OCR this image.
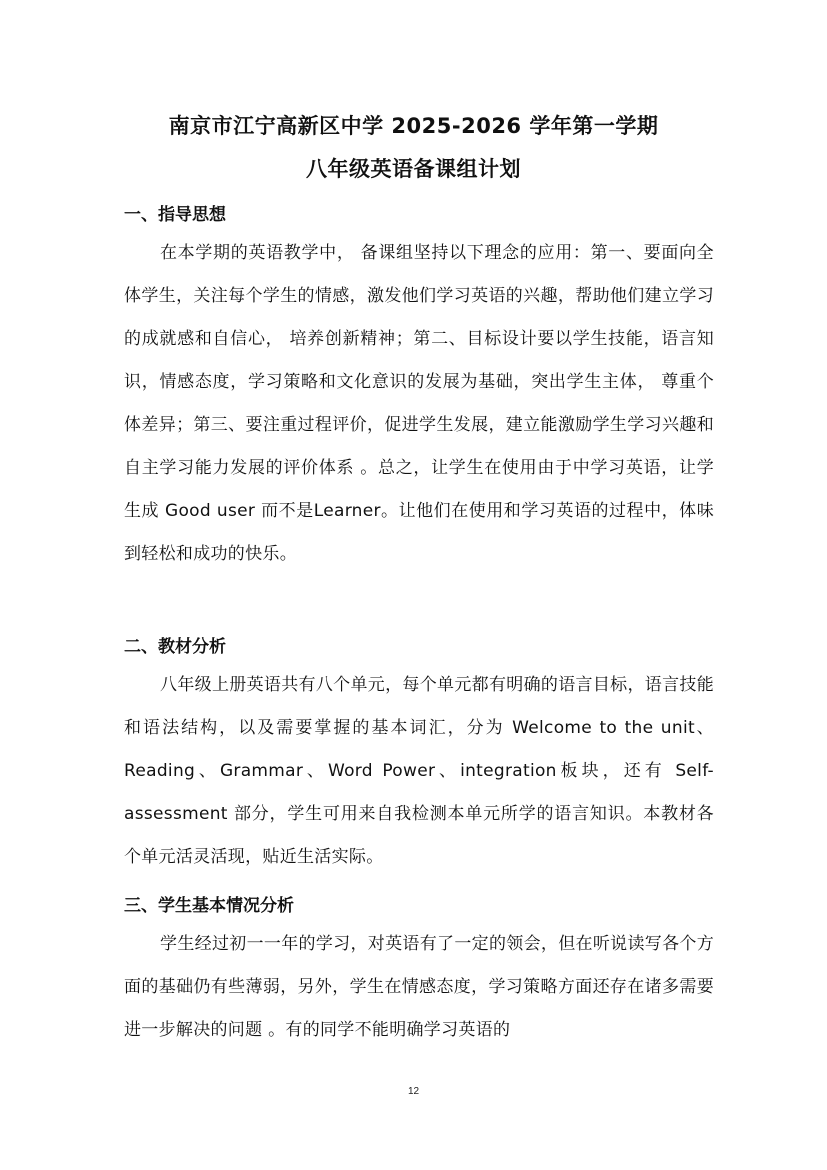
南京市江宁高新区中学 2025-2026 学年第一学期
八年级英语备课组计划
一、指导思想

在本学期的英语教学中， 备课组坚持以下理念的应用：第一、要面向全体学生，关注每个学生的情感，激发他们学习英语的兴趣，帮助他们建立学习的成就感和自信心， 培养创新精神；第二、目标设计要以学生技能，语言知识，情感态度，学习策略和文化意识的发展为基础，突出学生主体， 尊重个体差异；第三、要注重过程评价，促进学生发展，建立能激励学生学习兴趣和自主学习能力发展的评价体系 。总之，让学生在使用由于中学习英语，让学生成 Good user 而不是Learner。让他们在使用和学习英语的过程中，体味到轻松和成功的快乐。

二、教材分析

八年级上册英语共有八个单元，每个单元都有明确的语言目标，语言技能和语法结构，以及需要掌握的基本词汇，分为 Welcome to the unit、Reading、Grammar、Word Power、integration板块，还有 Self-assessment 部分，学生可用来自我检测本单元所学的语言知识。本教材各个单元活灵活现，贴近生活实际。

三、学生基本情况分析

学生经过初一一年的学习，对英语有了一定的领会，但在听说读写各个方面的基础仍有些薄弱，另外，学生在情感态度，学习策略方面还存在诸多需要进一步解决的问题 。有的同学不能明确学习英语的

12
